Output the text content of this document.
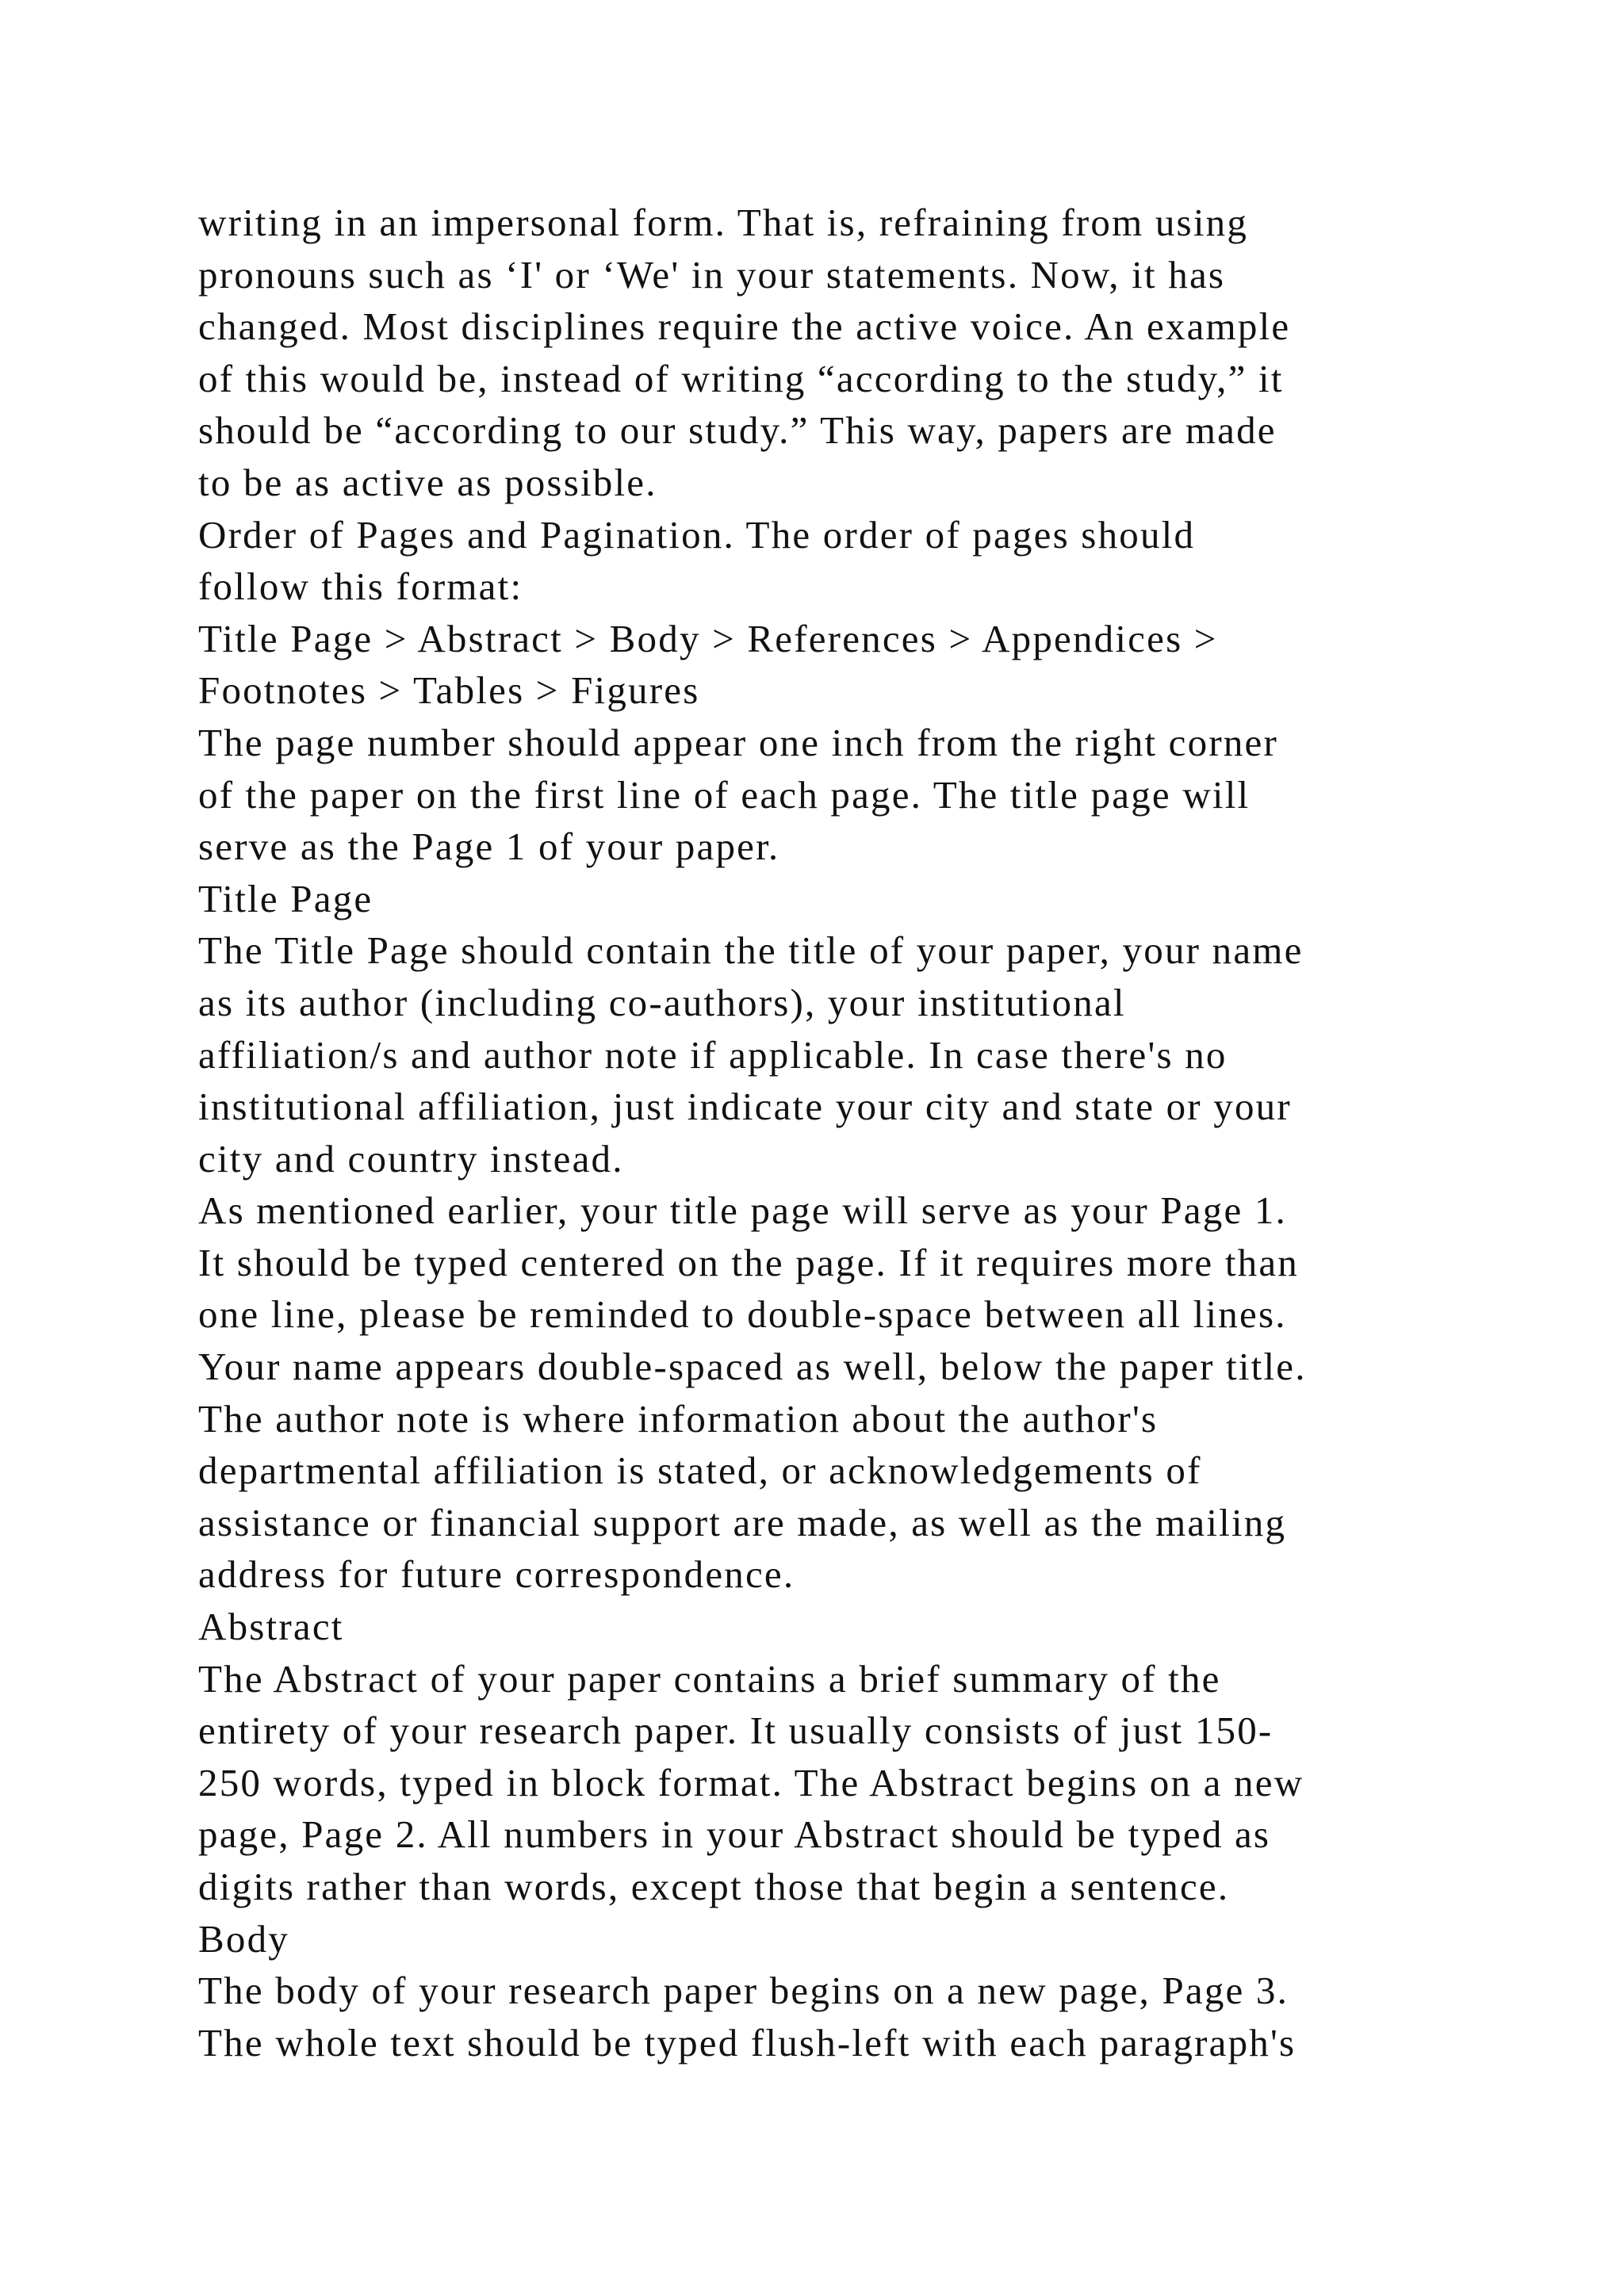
writing in an impersonal form. That is, refraining from using
pronouns such as ‘I' or ‘We' in your statements. Now, it has
changed. Most disciplines require the active voice. An example
of this would be, instead of writing “according to the study,” it
should be “according to our study.” This way, papers are made
to be as active as possible.
Order of Pages and Pagination. The order of pages should
follow this format:
Title Page > Abstract > Body > References > Appendices >
Footnotes > Tables > Figures
The page number should appear one inch from the right corner
of the paper on the first line of each page. The title page will
serve as the Page 1 of your paper.
Title Page
The Title Page should contain the title of your paper, your name
as its author (including co-authors), your institutional
affiliation/s and author note if applicable. In case there's no
institutional affiliation, just indicate your city and state or your
city and country instead.
As mentioned earlier, your title page will serve as your Page 1.
It should be typed centered on the page. If it requires more than
one line, please be reminded to double-space between all lines.
Your name appears double-spaced as well, below the paper title.
The author note is where information about the author's
departmental affiliation is stated, or acknowledgements of
assistance or financial support are made, as well as the mailing
address for future correspondence.
Abstract
The Abstract of your paper contains a brief summary of the
entirety of your research paper. It usually consists of just 150-
250 words, typed in block format. The Abstract begins on a new
page, Page 2. All numbers in your Abstract should be typed as
digits rather than words, except those that begin a sentence.
Body
The body of your research paper begins on a new page, Page 3.
The whole text should be typed flush-left with each paragraph's
